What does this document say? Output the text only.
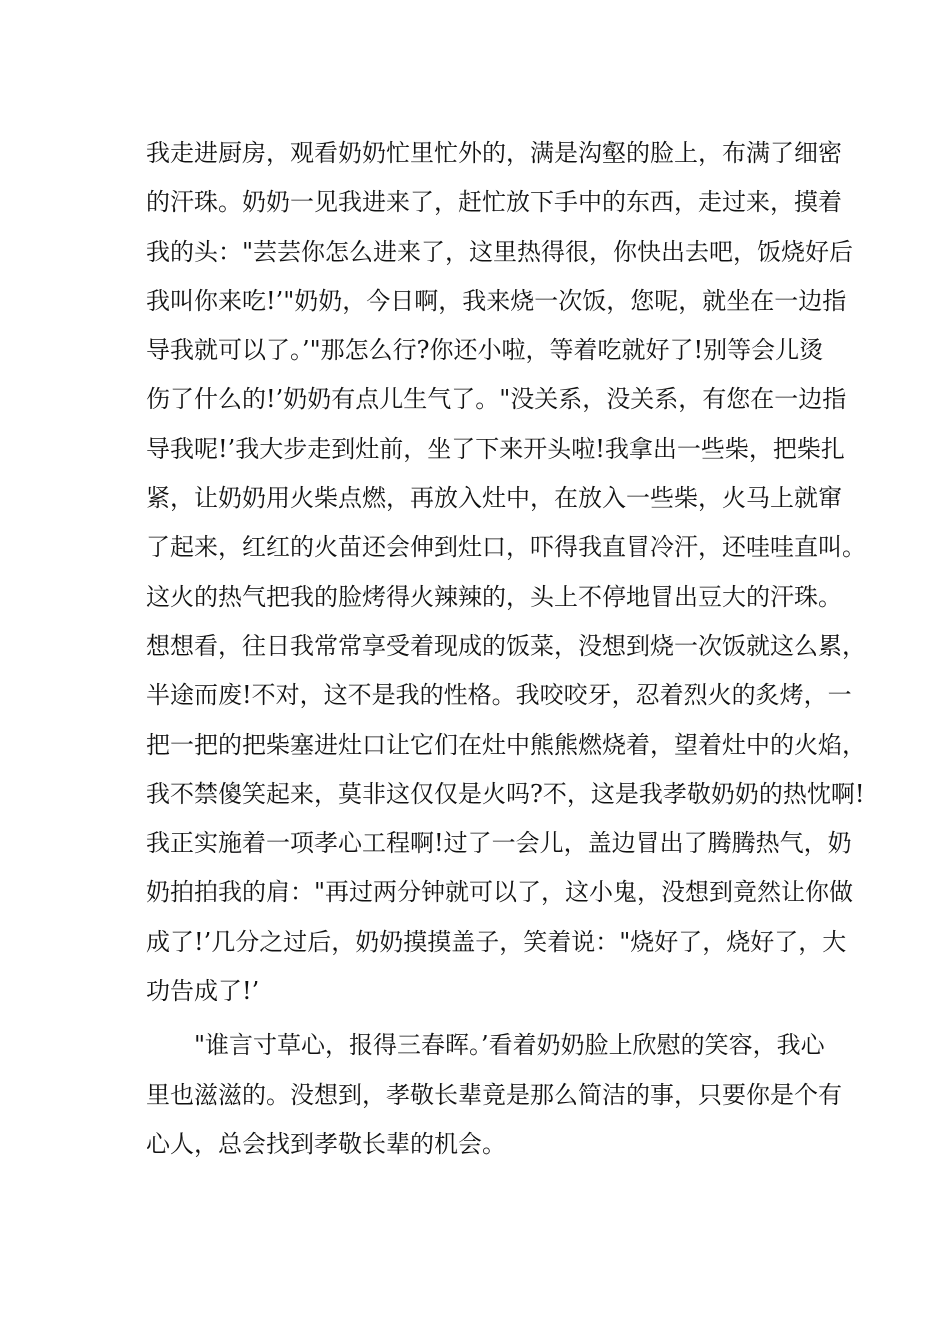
我走进厨房，观看奶奶忙里忙外的，满是沟壑的脸上，布满了细密
的汗珠。奶奶一见我进来了，赶忙放下手中的东西，走过来，摸着
我的头："芸芸你怎么进来了，这里热得很，你快出去吧，饭烧好后
我叫你来吃!’"奶奶，今日啊，我来烧一次饭，您呢，就坐在一边指
导我就可以了。’"那怎么行?你还小啦，等着吃就好了!别等会儿烫
伤了什么的!’奶奶有点儿生气了。"没关系，没关系，有您在一边指
导我呢!’我大步走到灶前，坐了下来开头啦!我拿出一些柴，把柴扎
紧，让奶奶用火柴点燃，再放入灶中，在放入一些柴，火马上就窜
了起来，红红的火苗还会伸到灶口，吓得我直冒冷汗，还哇哇直叫。
这火的热气把我的脸烤得火辣辣的，头上不停地冒出豆大的汗珠。
想想看，往日我常常享受着现成的饭菜，没想到烧一次饭就这么累，
半途而废!不对，这不是我的性格。我咬咬牙，忍着烈火的炙烤，一
把一把的把柴塞进灶口让它们在灶中熊熊燃烧着，望着灶中的火焰，
我不禁傻笑起来，莫非这仅仅是火吗?不，这是我孝敬奶奶的热忱啊!
我正实施着一项孝心工程啊!过了一会儿，盖边冒出了腾腾热气，奶
奶拍拍我的肩："再过两分钟就可以了，这小鬼，没想到竟然让你做
成了!’几分之过后，奶奶摸摸盖子，笑着说："烧好了，烧好了，大
功告成了!’
　　"谁言寸草心，报得三春晖。’看着奶奶脸上欣慰的笑容，我心
里也滋滋的。没想到，孝敬长辈竟是那么简洁的事，只要你是个有
心人，总会找到孝敬长辈的机会。
